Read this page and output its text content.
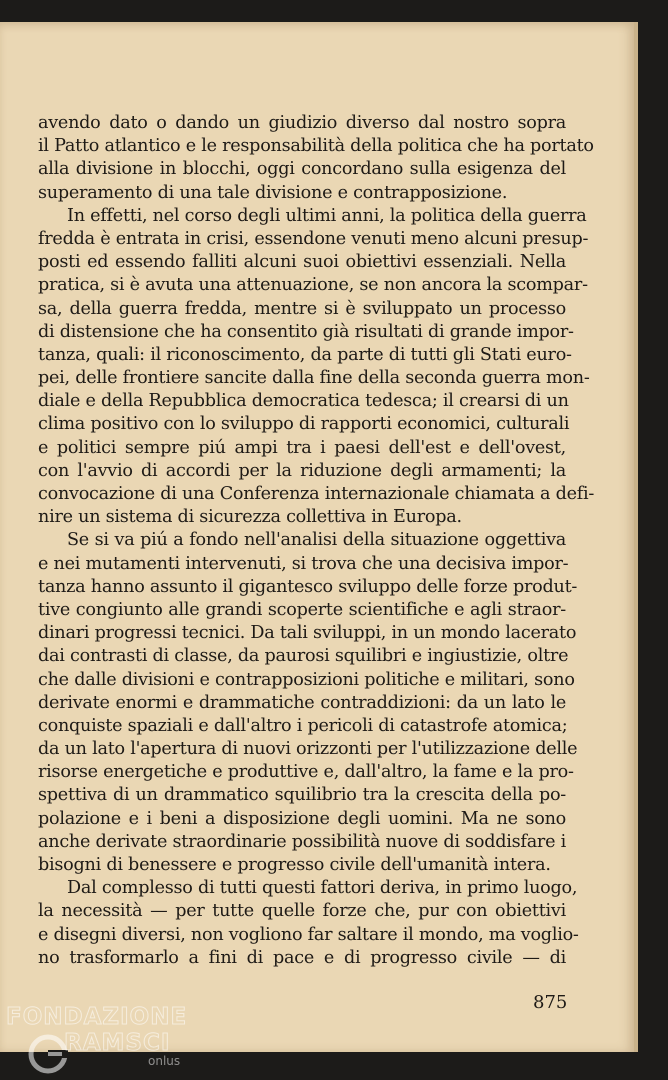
avendo dato o dando un giudizio diverso dal nostro sopra
il Patto atlantico e le responsabilità della politica che ha portato
alla divisione in blocchi, oggi concordano sulla esigenza del
superamento di una tale divisione e contrapposizione.
In effetti, nel corso degli ultimi anni, la politica della guerra
fredda è entrata in crisi, essendone venuti meno alcuni presup-
posti ed essendo falliti alcuni suoi obiettivi essenziali. Nella
pratica, si è avuta una attenuazione, se non ancora la scompar-
sa, della guerra fredda, mentre si è sviluppato un processo
di distensione che ha consentito già risultati di grande impor-
tanza, quali: il riconoscimento, da parte di tutti gli Stati euro-
pei, delle frontiere sancite dalla fine della seconda guerra mon-
diale e della Repubblica democratica tedesca; il crearsi di un
clima positivo con lo sviluppo di rapporti economici, culturali
e politici sempre piú ampi tra i paesi dell'est e dell'ovest,
con l'avvio di accordi per la riduzione degli armamenti; la
convocazione di una Conferenza internazionale chiamata a defi-
nire un sistema di sicurezza collettiva in Europa.
Se si va piú a fondo nell'analisi della situazione oggettiva
e nei mutamenti intervenuti, si trova che una decisiva impor-
tanza hanno assunto il gigantesco sviluppo delle forze produt-
tive congiunto alle grandi scoperte scientifiche e agli straor-
dinari progressi tecnici. Da tali sviluppi, in un mondo lacerato
dai contrasti di classe, da paurosi squilibri e ingiustizie, oltre
che dalle divisioni e contrapposizioni politiche e militari, sono
derivate enormi e drammatiche contraddizioni: da un lato le
conquiste spaziali e dall'altro i pericoli di catastrofe atomica;
da un lato l'apertura di nuovi orizzonti per l'utilizzazione delle
risorse energetiche e produttive e, dall'altro, la fame e la pro-
spettiva di un drammatico squilibrio tra la crescita della po-
polazione e i beni a disposizione degli uomini. Ma ne sono
anche derivate straordinarie possibilità nuove di soddisfare i
bisogni di benessere e progresso civile dell'umanità intera.
Dal complesso di tutti questi fattori deriva, in primo luogo,
la necessità — per tutte quelle forze che, pur con obiettivi
e disegni diversi, non vogliono far saltare il mondo, ma voglio-
no trasformarlo a fini di pace e di progresso civile — di
875
FONDAZIONE
RAMSCI
onlus
